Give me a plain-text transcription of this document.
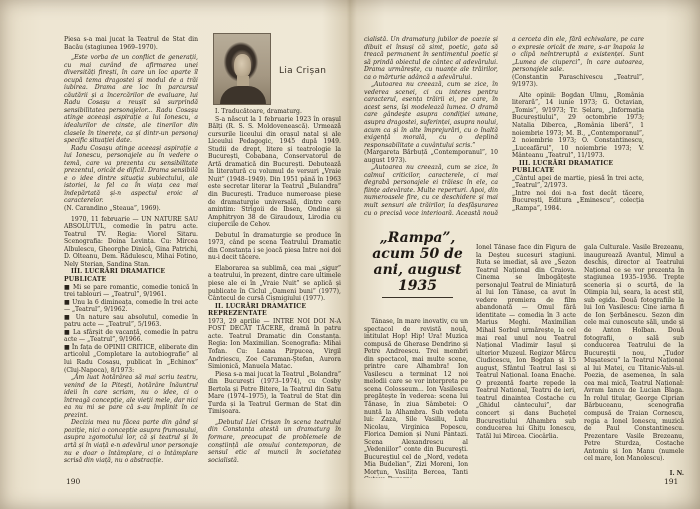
Piesa s-a mai jucat la Teatrul de Stat din Bacău (stagiunea 1969–1970).

„Este vorba de un conflict de generații, cu mai curând de afirmarea unei diversități firești, în care un loc aparte îl ocupă tema dragostei și modul de a trăi iubirea. Drama are loc în parcursul căutării și a încercărilor de evaluare, lui Radu Cosașu a reușit să surprindă sensibilitatea personajelor... Radu Cosașu atinge aceeași aspirație a lui Ionescu, a idealurilor de cinste, ale tinerilor din clasele în tinerețe, ca și dintr-un personaj specific situației date.

Radu Cosașu atinge aceeași aspirație a lui Ionescu, personajele au în vedere o temă, care va prezenta cu sensibilitate prezentul, oricât de dificil. Drama sensibilă e o idee dintre situația subiectului, ale istoriei, la fel ca în viața cea mai îndepărtată și-n aspectul eroic al caracterelor.

(N. Carandino „Steaua”, 1969).

1970, 11 februarie — UN NATURE SAU ABSOLUTUL, comedie în patru acte. Teatrul TV. Regia: Viorel Sitaru. Scenografia: Doina Levința. Cu: Mircea Albulescu, Gheorghe Dinică, Gina Patrichi, D. Olteanu, Dem. Rădulescu, Mihai Fotino, Nely Sterian, Sandina Stan.

III. LUCRĂRI DRAMATICE PUBLICATE

■ Mi se pare romantic, comedie tonică în trei tablouri — „Teatrul”, 9/1961.

■ Unu la 6 dimineața, comedie în trei acte — „Teatrul”, 9/1962.

■ Un nature sau absolutul, comedie în patru acte — „Teatrul”, 5/1963.

■ La sfârșit de vacanță, comedie în patru acte — „Teatrul”, 9/1966.

■ În fața de OPINII CRITICE, eliberate din articolul „Completare la autobiografie” al lui Radu Cosașu, publicat în „Echinox” (Cluj-Napoca), 8/1973:

„Am luat hotărârea să mai scriu teatru, venind de la Pitești, hotărâre înăuntrul ideii în care scriam, nu o idee, ci o întreagă concepție, ale vieții mele, dar nici ea nu mi se pare că s-au împlinit în ce prezint.

Decizia mea nu făcea parte din gând și poziție, nici o concepție asupra frumosului, asupra zgomotului lor, că și teatrul și în artă și în viață e-n adevărul unor personaje nu e doar o întâmplare, ci o întâmplare scrisă din viață, nu o abstracție.

Lia Crișan

I. Traducătoare, dramaturg.

S-a născut la 1 februarie 1923 în orașul Bălți (R. S. S. Moldovenească). Urmează cursurile liceului din orașul natal și ale Liceului Pedagogic, 1945 după 1949. Studii de drept, litere și teatrologie la București, Cobabana, Conservatorul de Artă dramatică din București. Debutează în literatură cu volumul de versuri „Vraie Nuit” (1948–1949). Din 1951 până în 1963 este secretar literar la Teatrul „Bulandra” din București. Traduce numeroase piese de dramaturgie universală, dintre care amintim: Strigoii de Ibsen, Ondine și Amphitryon 38 de Giraudoux, Lirodia cu ciupercile de Cehov.

Debutul în dramaturgie se produce în 1973, când pe scena Teatrului Dramatic din Constanța i se joacă piesa Intre noi doi nu-i decit tăcere.

Elaborarea sa sublimă, cea mai „sigur” a teatrului, în prezent, dintre care ultimele piese ale ei în „Vraie Nuit” se aplică și publicate în Ciclul „Oameni buni” (1977), Cântecul de cursă Cișmigiului (1977).

II. LUCRĂRI DRAMATICE REPREZENTATE

1973, 29 aprilie — INTRE NOI DOI N-A FOST DECÂT TĂCERE, dramă în patru acte. Teatrul Dramatic din Constanța. Regia: Ion Maximilian. Scenografia: Mihai Tofan. Cu: Leana Pirpucea, Virgil Andriescu, Zoe Caraman-Ștefan, Aurora Simionică, Manuela Matac.

Piesa s-a mai jucat la Teatrul „Bolandra” din București (1973–1974), cu Cosby Bertola și Petre Bitere, la Teatrul din Satu Mare (1974–1975), la Teatrul de Stat din Turda și la Teatrul German de Stat din Timișoara.

„Debutul Liei Crișan în scena teatrului din Constanța atestă un dramaturg în formare, preocupat de problemele de conștiință ale omului contemporan, de sensul etic al muncii în societatea socialistă.

190

cialistă. Un dramaturg jubilor de poezie și dibuit el însuși că simt, poetic, gata să treacă permanent în sentimentul poetic și să prindă obiectul de cântec al adevărului. Drama urmărește, cu nuanțe ale trăirilor, ca o mărturie adâncă a adevărului.

„Autoarea nu creează, cum se zice, în vederea scenei, ci cu interes pentru caracterul, esența trăirii ei, pe care, în acest sens, își modelează lumea. O dramă care gândește asupra condiției umane, asupra dragostei, suferinței, asupra noului, acum ca și în alte împrejurări, cu o înaltă exigență morală, cu o deplină responsabilitate a cuvântului scris.”

(Margareta Bărbuță „Contemporanul”, 10 august 1973).

„Autoarea nu creează, cum se zice, în calmul criticilor, caracterele, ci mai degrabă personajele ei trăiesc în ele, ca ființe adevărate. Multe reperturi. Apoi, din numeroasele fire, cu ce deschidere și mai mult sensuri ale trăirilor, la desfășurarea cu o precisă voce interioară. Această nouă

a cerceta din ele, fără echivalare, pe care o expresie oricât de mare, s-ar înapoia la o clipă neîntreruptă a existenței. Sunt „Lumea de ciuperci”, în care autoarea, personajele sale.

(Constantin Paraschivescu „Teatrul”, 9/1973).

Alte opinii: Bogdan Ulmu, „România literară”, 14 iunie 1973; G. Octavian, „Tomis”, 9/1973; Tr. Șelaru, „Informația Bucureștiului”, 29 octombrie 1973; Natalia Diberca, „România liberă”, 1 noiembrie 1973; M. B., „Contemporanul”, 2 noiembrie 1973; O. Constantinescu, „Luceafărul”, 10 noiembrie 1973; V. Mânteanu „Teatrul”, 11/1973.

III. LUCRĂRI DRAMATICE PUBLICATE

„Cântul apei de martie, piesă în trei acte, „Teatrul”, 2/1973.

„Intre noi doi n-a fost decât tăcere, București, Editura „Eminescu”, colecția „Rampa”, 1984.

„Rampa”, acum 50 de ani, august 1935

Tânase, în mare inovativ, cu un spectacol de revistă nouă, intitulat Hop! Hip! Ura! Muzica compusă de Gherase Dendrino și Petre Andreescu. Trei membri din spectacol, mai multe scene, printre care Alhambra! Ion Vasilescu a terminat 12 noi melodii care se vor interpreta pe scena Colosseum... Ion Vasilescu pregătește în vederea: scena lui Tănase, în ziua Sâmbetei: O nuntă la Alhambra. Sub vedeta lui: Zaza, Sile Vasiliu, Lulu Nicolau, Virginica Popescu, Florica Demion și Nuni Pantazi. Scena Alexandrescu al „Vedeniilor” conte din Bucureşti. Bucureştiul cel de „Nord, vedeta Mia Budelian”, Zizi Moreni, Ion Morțun, Vasilița Bercea, Tanti

Ionel Tănase face din Figura de la Deșteu sucesuri stagiuni. Ruta se imediat, să ave „Sezon Teatrul Național din Craiova. Cinema se îmbogățește personajul Teatrul de Miniatură al lui Ion Tânase, ca avut în vedere premiera de film abandonată — Omul fără identitate — comedia în 3 acte Marius Meghi. Maximilian Mihail Sorbul urmărește, la cel mai real unul nou Teatrul Național Vladimir Iașul și ulterior Muzeul. Regizor Mărcu Ciudicescu, Ion Bogdan și 15 august, Sfântul Teatrul Iași și Teatrul Național. Ioana Enache. O prezentă foarte repede la Teatrul National, Teatru de ieri, teatrul dinaintea Costache cu „Ghidul cântecului”, dar concert și dans Buchețel Bucureștiului Alhambra sub conducerea lui Ghițu Ionescu, Tatăl lui Mircea. Ciocârlia.

gala Culturale. Vasile Brezeanu, inaugurează Avantul, Mimul a deschis, director al Teatrului Național ce se vor prezenta în stagiunea 1935–1936. Trepte sceneria și o scurtă, de la Olimpia lui, seara, la acest stil, sub egida. Două fotografiile la lui Ion Vasilescu: Cine iarna fi de Ion Șerbănescu. Sezon din cele mai cunoscute săli, unde și de Anton Holban. Două fotografii, o sală sub conducerea Teatrului de la Bucureștii nou, „Tudor Mușatescu” la Teatrul Național al lui Matei, cu Titanic-Vals-ul. Poezia, de asemenea, în sala cea mai mică, Teatrul Național: Avram Iancu de Lucian Blaga. În rolul titular, George Ciprian Bărbuceanu, scenografia compusă de Traian Cornescu, regia a Ionel Ionescu, muzică de Paul Constantinescu. Prezentare Vasile Brezeanu, Petre Sturdza, Costache Antoniu și Ion Manu (numele cel mare, Ion Manolescu).

I. N.
191
